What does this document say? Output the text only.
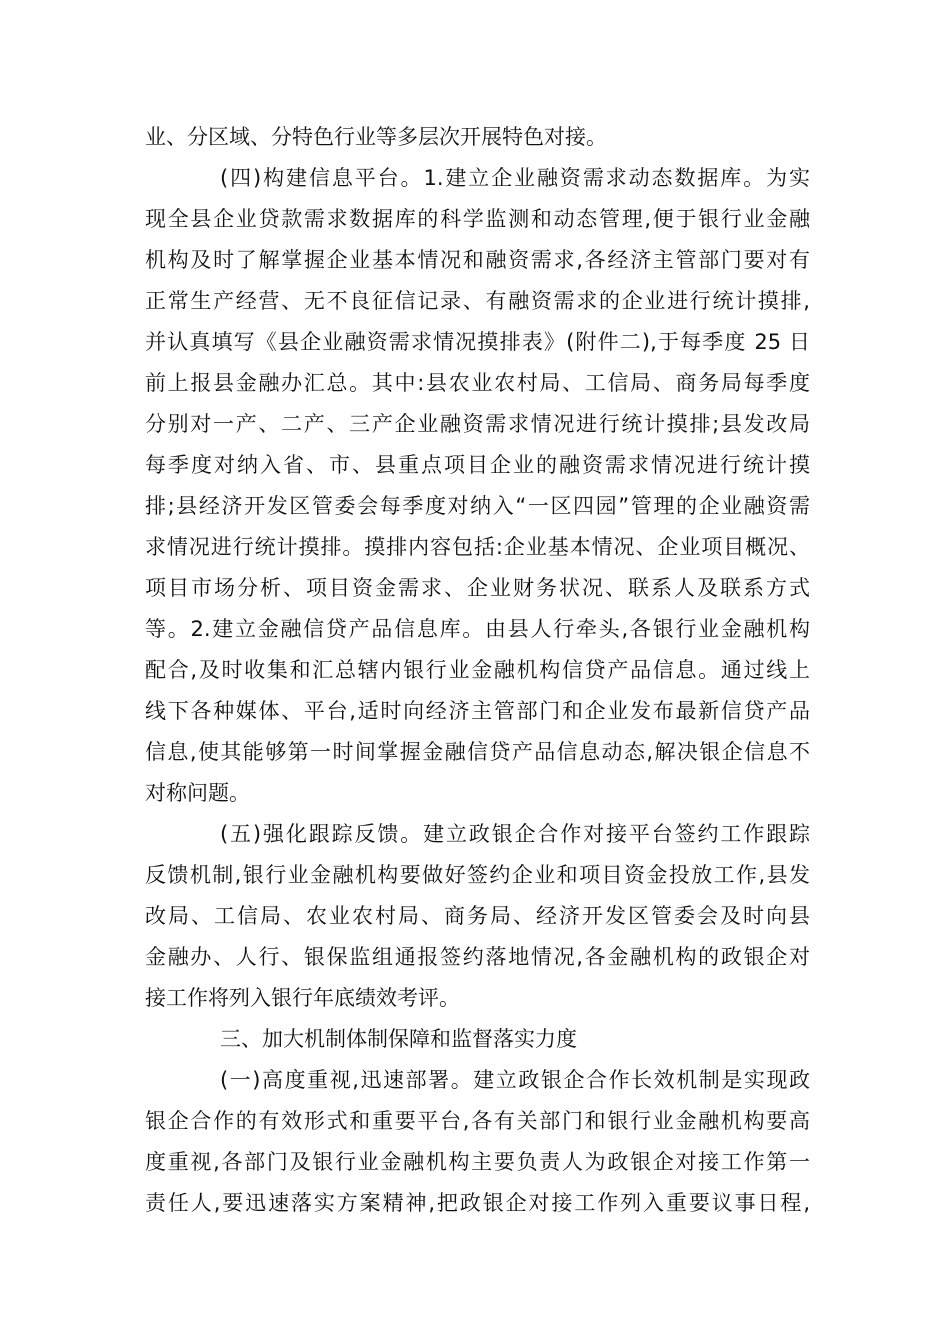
业、分区域、分特色行业等多层次开展特色对接。
(四)构建信息平台。1.建立企业融资需求动态数据库。为实
现全县企业贷款需求数据库的科学监测和动态管理,便于银行业金融
机构及时了解掌握企业基本情况和融资需求,各经济主管部门要对有
正常生产经营、无不良征信记录、有融资需求的企业进行统计摸排,
并认真填写《县企业融资需求情况摸排表》(附件二),于每季度 25 日
前上报县金融办汇总。其中:县农业农村局、工信局、商务局每季度
分别对一产、二产、三产企业融资需求情况进行统计摸排;县发改局
每季度对纳入省、市、县重点项目企业的融资需求情况进行统计摸
排;县经济开发区管委会每季度对纳入“一区四园”管理的企业融资需
求情况进行统计摸排。摸排内容包括:企业基本情况、企业项目概况、
项目市场分析、项目资金需求、企业财务状况、联系人及联系方式
等。2.建立金融信贷产品信息库。由县人行牵头,各银行业金融机构
配合,及时收集和汇总辖内银行业金融机构信贷产品信息。通过线上
线下各种媒体、平台,适时向经济主管部门和企业发布最新信贷产品
信息,使其能够第一时间掌握金融信贷产品信息动态,解决银企信息不
对称问题。
(五)强化跟踪反馈。建立政银企合作对接平台签约工作跟踪
反馈机制,银行业金融机构要做好签约企业和项目资金投放工作,县发
改局、工信局、农业农村局、商务局、经济开发区管委会及时向县
金融办、人行、银保监组通报签约落地情况,各金融机构的政银企对
接工作将列入银行年底绩效考评。
三、加大机制体制保障和监督落实力度
(一)高度重视,迅速部署。建立政银企合作长效机制是实现政
银企合作的有效形式和重要平台,各有关部门和银行业金融机构要高
度重视,各部门及银行业金融机构主要负责人为政银企对接工作第一
责任人,要迅速落实方案精神,把政银企对接工作列入重要议事日程,
